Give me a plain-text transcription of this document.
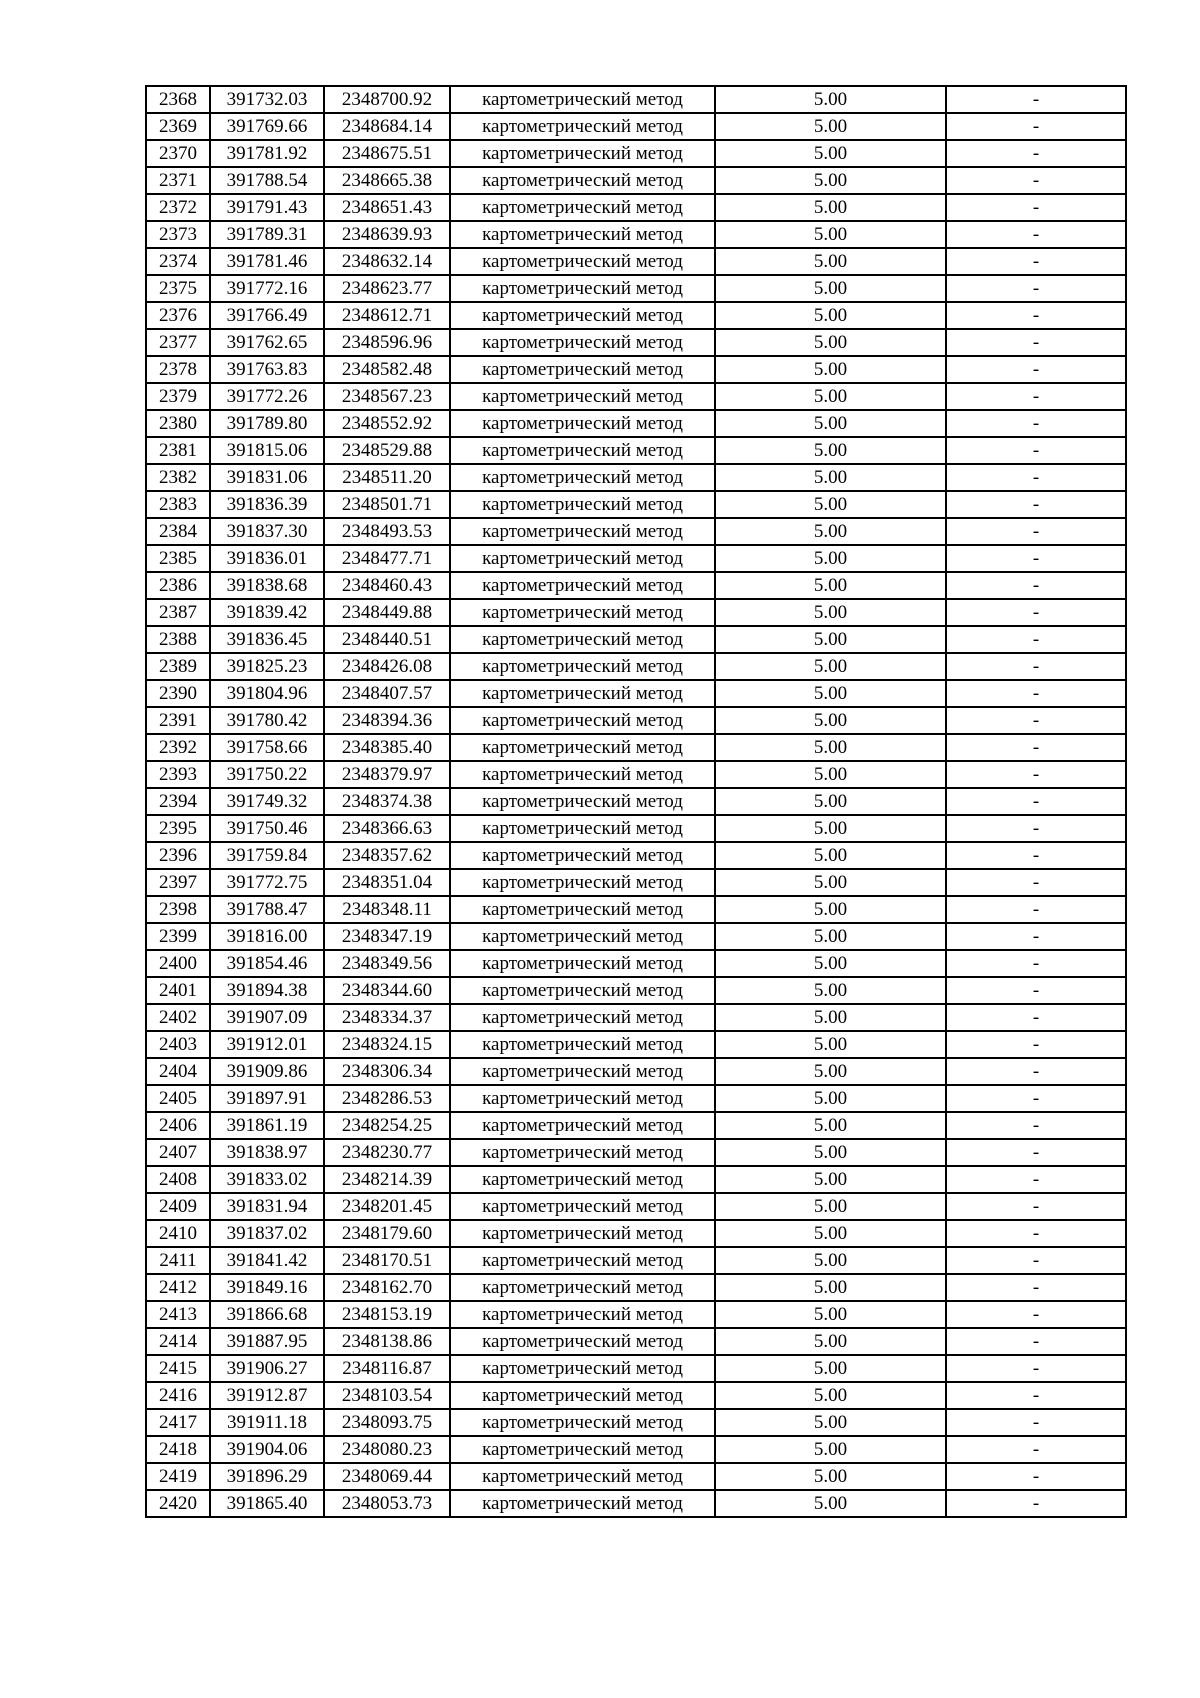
2368	391732.03	2348700.92	картометрический метод	5.00	-
2369	391769.66	2348684.14	картометрический метод	5.00	-
2370	391781.92	2348675.51	картометрический метод	5.00	-
2371	391788.54	2348665.38	картометрический метод	5.00	-
2372	391791.43	2348651.43	картометрический метод	5.00	-
2373	391789.31	2348639.93	картометрический метод	5.00	-
2374	391781.46	2348632.14	картометрический метод	5.00	-
2375	391772.16	2348623.77	картометрический метод	5.00	-
2376	391766.49	2348612.71	картометрический метод	5.00	-
2377	391762.65	2348596.96	картометрический метод	5.00	-
2378	391763.83	2348582.48	картометрический метод	5.00	-
2379	391772.26	2348567.23	картометрический метод	5.00	-
2380	391789.80	2348552.92	картометрический метод	5.00	-
2381	391815.06	2348529.88	картометрический метод	5.00	-
2382	391831.06	2348511.20	картометрический метод	5.00	-
2383	391836.39	2348501.71	картометрический метод	5.00	-
2384	391837.30	2348493.53	картометрический метод	5.00	-
2385	391836.01	2348477.71	картометрический метод	5.00	-
2386	391838.68	2348460.43	картометрический метод	5.00	-
2387	391839.42	2348449.88	картометрический метод	5.00	-
2388	391836.45	2348440.51	картометрический метод	5.00	-
2389	391825.23	2348426.08	картометрический метод	5.00	-
2390	391804.96	2348407.57	картометрический метод	5.00	-
2391	391780.42	2348394.36	картометрический метод	5.00	-
2392	391758.66	2348385.40	картометрический метод	5.00	-
2393	391750.22	2348379.97	картометрический метод	5.00	-
2394	391749.32	2348374.38	картометрический метод	5.00	-
2395	391750.46	2348366.63	картометрический метод	5.00	-
2396	391759.84	2348357.62	картометрический метод	5.00	-
2397	391772.75	2348351.04	картометрический метод	5.00	-
2398	391788.47	2348348.11	картометрический метод	5.00	-
2399	391816.00	2348347.19	картометрический метод	5.00	-
2400	391854.46	2348349.56	картометрический метод	5.00	-
2401	391894.38	2348344.60	картометрический метод	5.00	-
2402	391907.09	2348334.37	картометрический метод	5.00	-
2403	391912.01	2348324.15	картометрический метод	5.00	-
2404	391909.86	2348306.34	картометрический метод	5.00	-
2405	391897.91	2348286.53	картометрический метод	5.00	-
2406	391861.19	2348254.25	картометрический метод	5.00	-
2407	391838.97	2348230.77	картометрический метод	5.00	-
2408	391833.02	2348214.39	картометрический метод	5.00	-
2409	391831.94	2348201.45	картометрический метод	5.00	-
2410	391837.02	2348179.60	картометрический метод	5.00	-
2411	391841.42	2348170.51	картометрический метод	5.00	-
2412	391849.16	2348162.70	картометрический метод	5.00	-
2413	391866.68	2348153.19	картометрический метод	5.00	-
2414	391887.95	2348138.86	картометрический метод	5.00	-
2415	391906.27	2348116.87	картометрический метод	5.00	-
2416	391912.87	2348103.54	картометрический метод	5.00	-
2417	391911.18	2348093.75	картометрический метод	5.00	-
2418	391904.06	2348080.23	картометрический метод	5.00	-
2419	391896.29	2348069.44	картометрический метод	5.00	-
2420	391865.40	2348053.73	картометрический метод	5.00	-
